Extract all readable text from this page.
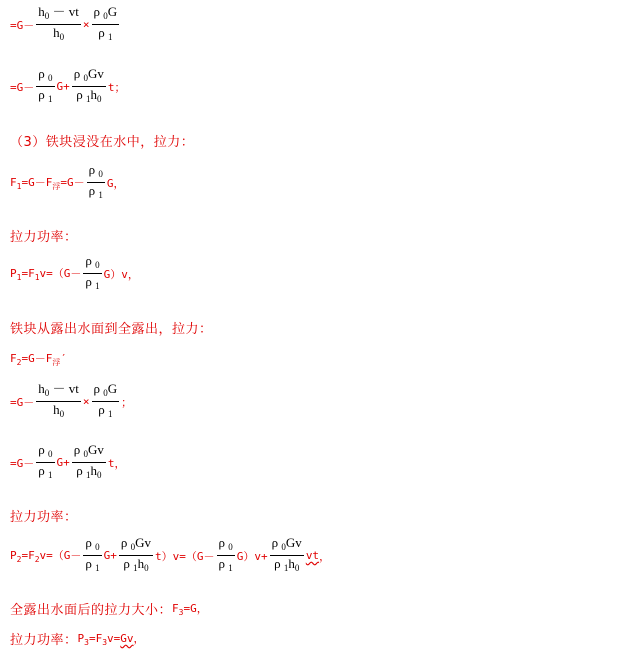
$=G- \frac{h_0 - vt}{h_0} \times \frac{\rho _0G}{\rho _1}$
$=G- \frac{\rho _0}{\rho _1} G+ \frac{\rho _0Gv}{\rho _1h_0}$ t；
（3）铁块浸没在水中，拉力：
$F_1=G-F_浮=G- \frac{\rho _0}{\rho _1}$ G，
拉力功率：
$P_1=F_1v=(G- \frac{\rho _0}{\rho _1} G)v$，
铁块从露出水面到全露出，拉力：
$F_2=G-F_浮'$
$=G- \frac{h_0 - vt}{h_0} \times \frac{\rho _0G}{\rho _1}$ ；
$=G- \frac{\rho _0}{\rho _1} G+ \frac{\rho _0Gv}{\rho _1h_0}$ t，
拉力功率：
$P_2=F_2v=(G- \frac{\rho _0}{\rho _1} G+ \frac{\rho _0Gv}{\rho _1h_0} t)v=(G- \frac{\rho _0}{\rho _1} G)v+ \frac{\rho _0Gv}{\rho _1h_0}$ vt ，
全露出水面后的拉力大小： $F_3=G$，
拉力功率： $P_3=F_3v=Gv$，
